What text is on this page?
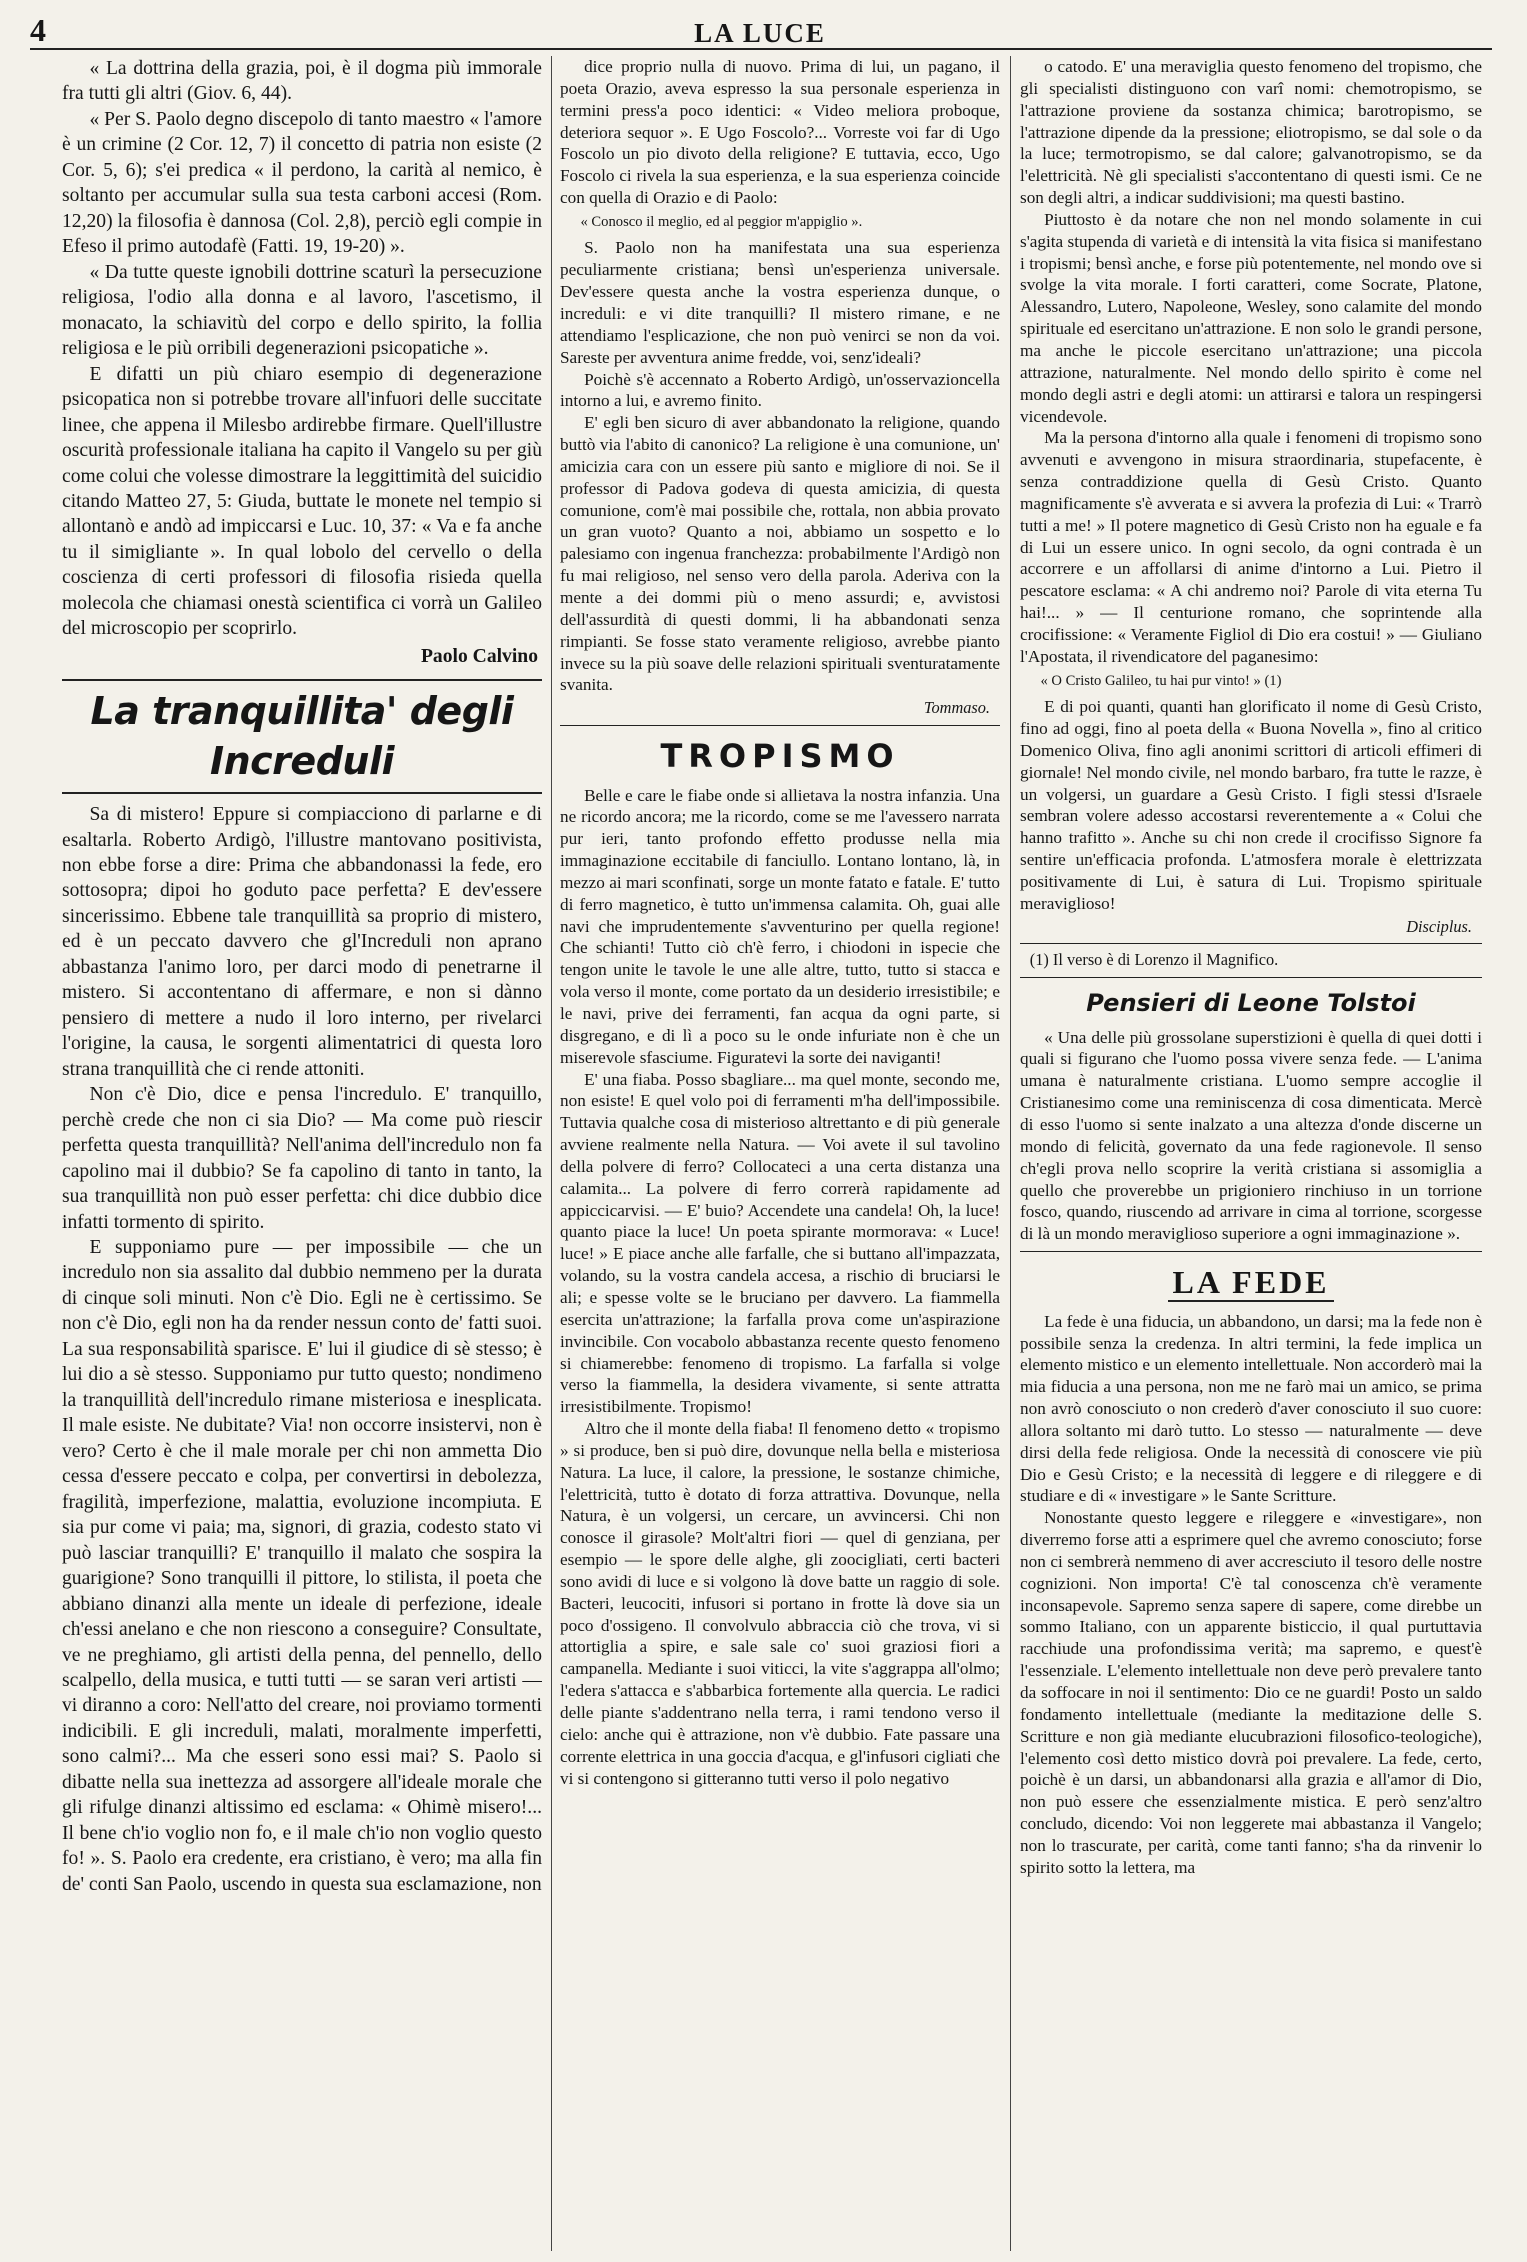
4	LA LUCE

« La dottrina della grazia, poi, è il dogma più immorale fra tutti gli altri (Giov. 6, 44).

« Per S. Paolo degno discepolo di tanto maestro « l'amore è un crimine (2 Cor. 12, 7) il concetto di patria non esiste (2 Cor. 5, 6); s'ei predica « il perdono, la carità al nemico, è soltanto per accumular sulla sua testa carboni accesi (Rom. 12,20) la filosofia è dannosa (Col. 2,8), perciò egli compie in Efeso il primo autodafè (Fatti. 19, 19-20) ».

« Da tutte queste ignobili dottrine scaturì la persecuzione religiosa, l'odio alla donna e al lavoro, l'ascetismo, il monacato, la schiavitù del corpo e dello spirito, la follia religiosa e le più orribili degenerazioni psicopatiche ».

E difatti un più chiaro esempio di degenerazione psicopatica non si potrebbe trovare all'infuori delle succitate linee, che appena il Milesbo ardirebbe firmare. Quell'illustre oscurità professionale italiana ha capito il Vangelo su per giù come colui che volesse dimostrare la leggittimità del suicidio citando Matteo 27, 5: Giuda, buttate le monete nel tempio si allontanò e andò ad impiccarsi e Luc. 10, 37: « Va e fa anche tu il simigliante ». In qual lobolo del cervello o della coscienza di certi professori di filosofia risieda quella molecola che chiamasi onestà scientifica ci vorrà un Galileo del microscopio per scoprirlo.

Paolo Calvino

La tranquillita' degli Increduli

Sa di mistero! Eppure si compiacciono di parlarne e di esaltarla. Roberto Ardigò, l'illustre mantovano positivista, non ebbe forse a dire: Prima che abbandonassi la fede, ero sottosopra; dipoi ho goduto pace perfetta? E dev'essere sincerissimo. Ebbene tale tranquillità sa proprio di mistero, ed è un peccato davvero che gl'Increduli non aprano abbastanza l'animo loro, per darci modo di penetrarne il mistero. Si accontentano di affermare, e non si dànno pensiero di mettere a nudo il loro interno, per rivelarci l'origine, la causa, le sorgenti alimentatrici di questa loro strana tranquillità che ci rende attoniti.

Non c'è Dio, dice e pensa l'incredulo. E' tranquillo, perchè crede che non ci sia Dio? — Ma come può riescir perfetta questa tranquillità? Nell'anima dell'incredulo non fa capolino mai il dubbio? Se fa capolino di tanto in tanto, la sua tranquillità non può esser perfetta: chi dice dubbio dice infatti tormento di spirito.

E supponiamo pure — per impossibile — che un incredulo non sia assalito dal dubbio nemmeno per la durata di cinque soli minuti. Non c'è Dio. Egli ne è certissimo. Se non c'è Dio, egli non ha da render nessun conto de' fatti suoi. La sua responsabilità sparisce. E' lui il giudice di sè stesso; è lui dio a sè stesso. Supponiamo pur tutto questo; nondimeno la tranquillità dell'incredulo rimane misteriosa e inesplicata. Il male esiste. Ne dubitate? Via! non occorre insistervi, non è vero? Certo è che il male morale per chi non ammetta Dio cessa d'essere peccato e colpa, per convertirsi in debolezza, fragilità, imperfezione, malattia, evoluzione incompiuta. E sia pur come vi paia; ma, signori, di grazia, codesto stato vi può lasciar tranquilli? E' tranquillo il malato che sospira la guarigione? Sono tranquilli il pittore, lo stilista, il poeta che abbiano dinanzi alla mente un ideale di perfezione, ideale ch'essi anelano e che non riescono a conseguire? Consultate, ve ne preghiamo, gli artisti della penna, del pennello, dello scalpello, della musica, e tutti tutti — se saran veri artisti — vi diranno a coro: Nell'atto del creare, noi proviamo tormenti indicibili. E gli increduli, malati, moralmente imperfetti, sono calmi?... Ma che esseri sono essi mai? S. Paolo si dibatte nella sua inettezza ad assorgere all'ideale morale che gli rifulge dinanzi altissimo ed esclama: « Ohimè misero!... Il bene ch'io voglio non fo, e il male ch'io non voglio questo fo! ». S. Paolo era credente, era cristiano, è vero; ma alla fin de' conti San Paolo, uscendo in questa sua esclamazione, non

dice proprio nulla di nuovo. Prima di lui, un pagano, il poeta Orazio, aveva espresso la sua personale esperienza in termini press'a poco identici: « Video meliora proboque, deteriora sequor ». E Ugo Foscolo?... Vorreste voi far di Ugo Foscolo un pio divoto della religione? E tuttavia, ecco, Ugo Foscolo ci rivela la sua esperienza, e la sua esperienza coincide con quella di Orazio e di Paolo:

« Conosco il meglio, ed al peggior m'appiglio ».

S. Paolo non ha manifestata una sua esperienza peculiarmente cristiana; bensì un'esperienza universale. Dev'essere questa anche la vostra esperienza dunque, o increduli: e vi dite tranquilli? Il mistero rimane, e ne attendiamo l'esplicazione, che non può venirci se non da voi. Sareste per avventura anime fredde, voi, senz'ideali?

Poichè s'è accennato a Roberto Ardigò, un'osservazioncella intorno a lui, e avremo finito.

E' egli ben sicuro di aver abbandonato la religione, quando buttò via l'abito di canonico? La religione è una comunione, un' amicizia cara con un essere più santo e migliore di noi. Se il professor di Padova godeva di questa amicizia, di questa comunione, com'è mai possibile che, rottala, non abbia provato un gran vuoto? Quanto a noi, abbiamo un sospetto e lo palesiamo con ingenua franchezza: probabilmente l'Ardigò non fu mai religioso, nel senso vero della parola. Aderiva con la mente a dei dommi più o meno assurdi; e, avvistosi dell'assurdità di questi dommi, li ha abbandonati senza rimpianti. Se fosse stato veramente religioso, avrebbe pianto invece su la più soave delle relazioni spirituali sventuratamente svanita.

Tommaso.

TROPISMO

Belle e care le fiabe onde si allietava la nostra infanzia. Una ne ricordo ancora; me la ricordo, come se me l'avessero narrata pur ieri, tanto profondo effetto produsse nella mia immaginazione eccitabile di fanciullo. Lontano lontano, là, in mezzo ai mari sconfinati, sorge un monte fatato e fatale. E' tutto di ferro magnetico, è tutto un'immensa calamita. Oh, guai alle navi che imprudentemente s'avventurino per quella regione! Che schianti! Tutto ciò ch'è ferro, i chiodoni in ispecie che tengon unite le tavole le une alle altre, tutto, tutto si stacca e vola verso il monte, come portato da un desiderio irresistibile; e le navi, prive dei ferramenti, fan acqua da ogni parte, si disgregano, e di lì a poco su le onde infuriate non è che un miserevole sfasciume. Figuratevi la sorte dei naviganti!

E' una fiaba. Posso sbagliare... ma quel monte, secondo me, non esiste! E quel volo poi di ferramenti m'ha dell'impossibile. Tuttavia qualche cosa di misterioso altrettanto e di più generale avviene realmente nella Natura. — Voi avete il sul tavolino della polvere di ferro? Collocateci a una certa distanza una calamita... La polvere di ferro correrà rapidamente ad appiccicarvisi. — E' buio? Accendete una candela! Oh, la luce! quanto piace la luce! Un poeta spirante mormorava: « Luce! luce! » E piace anche alle farfalle, che si buttano all'impazzata, volando, su la vostra candela accesa, a rischio di bruciarsi le ali; e spesse volte se le bruciano per davvero. La fiammella esercita un'attrazione; la farfalla prova come un'aspirazione invincibile. Con vocabolo abbastanza recente questo fenomeno si chiamerebbe: fenomeno di tropismo. La farfalla si volge verso la fiammella, la desidera vivamente, si sente attratta irresistibilmente. Tropismo!

Altro che il monte della fiaba! Il fenomeno detto « tropismo » si produce, ben si può dire, dovunque nella bella e misteriosa Natura. La luce, il calore, la pressione, le sostanze chimiche, l'elettricità, tutto è dotato di forza attrattiva. Dovunque, nella Natura, è un volgersi, un cercare, un avvincersi. Chi non conosce il girasole? Molt'altri fiori — quel di genziana, per esempio — le spore delle alghe, gli zoocigliati, certi bacteri sono avidi di luce e si volgono là dove batte un raggio di sole. Bacteri, leucociti, infusori si portano in frotte là dove sia un poco d'ossigeno. Il convolvulo abbraccia ciò che trova, vi si attortiglia a spire, e sale sale co' suoi graziosi fiori a campanella. Mediante i suoi viticci, la vite s'aggrappa all'olmo; l'edera s'attacca e s'abbarbica fortemente alla quercia. Le radici delle piante s'addentrano nella terra, i rami tendono verso il cielo: anche qui è attrazione, non v'è dubbio. Fate passare una corrente elettrica in una goccia d'acqua, e gl'infusori cigliati che vi si contengono si gitteranno tutti verso il polo negativo

o catodo. E' una meraviglia questo fenomeno del tropismo, che gli specialisti distinguono con varî nomi: chemotropismo, se l'attrazione proviene da sostanza chimica; barotropismo, se l'attrazione dipende da la pressione; eliotropismo, se dal sole o da la luce; termotropismo, se dal calore; galvanotropismo, se da l'elettricità. Nè gli specialisti s'accontentano di questi ismi. Ce ne son degli altri, a indicar suddivisioni; ma questi bastino.

Piuttosto è da notare che non nel mondo solamente in cui s'agita stupenda di varietà e di intensità la vita fisica si manifestano i tropismi; bensì anche, e forse più potentemente, nel mondo ove si svolge la vita morale. I forti caratteri, come Socrate, Platone, Alessandro, Lutero, Napoleone, Wesley, sono calamite del mondo spirituale ed esercitano un'attrazione. E non solo le grandi persone, ma anche le piccole esercitano un'attrazione; una piccola attrazione, naturalmente. Nel mondo dello spirito è come nel mondo degli astri e degli atomi: un attirarsi e talora un respingersi vicendevole.

Ma la persona d'intorno alla quale i fenomeni di tropismo sono avvenuti e avvengono in misura straordinaria, stupefacente, è senza contraddizione quella di Gesù Cristo. Quanto magnificamente s'è avverata e si avvera la profezia di Lui: « Trarrò tutti a me! » Il potere magnetico di Gesù Cristo non ha eguale e fa di Lui un essere unico. In ogni secolo, da ogni contrada è un accorrere e un affollarsi di anime d'intorno a Lui. Pietro il pescatore esclama: « A chi andremo noi? Parole di vita eterna Tu hai!... » — Il centurione romano, che soprintende alla crocifissione: « Veramente Figliol di Dio era costui! » — Giuliano l'Apostata, il rivendicatore del paganesimo:

« O Cristo Galileo, tu hai pur vinto! » (1)

E di poi quanti, quanti han glorificato il nome di Gesù Cristo, fino ad oggi, fino al poeta della « Buona Novella », fino al critico Domenico Oliva, fino agli anonimi scrittori di articoli effimeri di giornale! Nel mondo civile, nel mondo barbaro, fra tutte le razze, è un volgersi, un guardare a Gesù Cristo. I figli stessi d'Israele sembran volere adesso accostarsi reverentemente a « Colui che hanno trafitto ». Anche su chi non crede il crocifisso Signore fa sentire un'efficacia profonda. L'atmosfera morale è elettrizzata positivamente di Lui, è satura di Lui. Tropismo spirituale meraviglioso!

Disciplus.

(1) Il verso è di Lorenzo il Magnifico.

Pensieri di Leone Tolstoi

« Una delle più grossolane superstizioni è quella di quei dotti i quali si figurano che l'uomo possa vivere senza fede. — L'anima umana è naturalmente cristiana. L'uomo sempre accoglie il Cristianesimo come una reminiscenza di cosa dimenticata. Mercè di esso l'uomo si sente inalzato a una altezza d'onde discerne un mondo di felicità, governato da una fede ragionevole. Il senso ch'egli prova nello scoprire la verità cristiana si assomiglia a quello che proverebbe un prigioniero rinchiuso in un torrione fosco, quando, riuscendo ad arrivare in cima al torrione, scorgesse di là un mondo meraviglioso superiore a ogni immaginazione ».

LA FEDE

La fede è una fiducia, un abbandono, un darsi; ma la fede non è possibile senza la credenza. In altri termini, la fede implica un elemento mistico e un elemento intellettuale. Non accorderò mai la mia fiducia a una persona, non me ne farò mai un amico, se prima non avrò conosciuto o non crederò d'aver conosciuto il suo cuore: allora soltanto mi darò tutto. Lo stesso — naturalmente — deve dirsi della fede religiosa. Onde la necessità di conoscere vie più Dio e Gesù Cristo; e la necessità di leggere e di rileggere e di studiare e di « investigare » le Sante Scritture.

Nonostante questo leggere e rileggere e «investigare», non diverremo forse atti a esprimere quel che avremo conosciuto; forse non ci sembrerà nemmeno di aver accresciuto il tesoro delle nostre cognizioni. Non importa! C'è tal conoscenza ch'è veramente inconsapevole. Sapremo senza sapere di sapere, come direbbe un sommo Italiano, con un apparente bisticcio, il qual purtuttavia racchiude una profondissima verità; ma sapremo, e quest'è l'essenziale. L'elemento intellettuale non deve però prevalere tanto da soffocare in noi il sentimento: Dio ce ne guardi! Posto un saldo fondamento intellettuale (mediante la meditazione delle S. Scritture e non già mediante elucubrazioni filosofico-teologiche), l'elemento così detto mistico dovrà poi prevalere. La fede, certo, poichè è un darsi, un abbandonarsi alla grazia e all'amor di Dio, non può essere che essenzialmente mistica. E però senz'altro concludo, dicendo: Voi non leggerete mai abbastanza il Vangelo; non lo trascurate, per carità, come tanti fanno; s'ha da rinvenir lo spirito sotto la lettera, ma
